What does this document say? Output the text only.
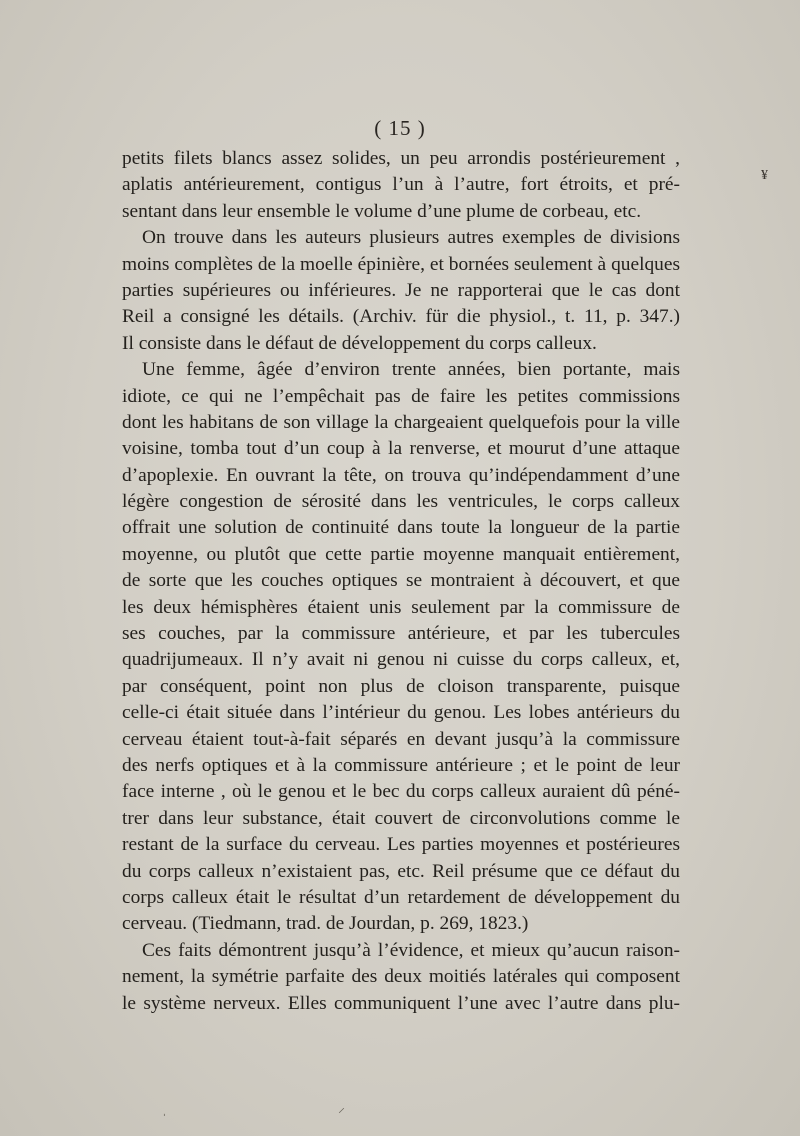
( 15 )
¥
petits filets blancs assez solides, un peu arrondis postérieurement ,
aplatis antérieurement, contigus l’un à l’autre, fort étroits, et pré-
sentant dans leur ensemble le volume d’une plume de corbeau, etc.
On trouve dans les auteurs plusieurs autres exemples de divisions
moins complètes de la moelle épinière, et bornées seulement à quelques
parties supérieures ou inférieures. Je ne rapporterai que le cas dont
Reil a consigné les détails. (Archiv. für die physiol., t. 11, p. 347.)
Il consiste dans le défaut de développement du corps calleux.
Une femme, âgée d’environ trente années, bien portante, mais
idiote, ce qui ne l’empêchait pas de faire les petites commissions
dont les habitans de son village la chargeaient quelquefois pour la ville
voisine, tomba tout d’un coup à la renverse, et mourut d’une attaque
d’apoplexie. En ouvrant la tête, on trouva qu’indépendamment d’une
légère congestion de sérosité dans les ventricules, le corps calleux
offrait une solution de continuité dans toute la longueur de la partie
moyenne, ou plutôt que cette partie moyenne manquait entièrement,
de sorte que les couches optiques se montraient à découvert, et que
les deux hémisphères étaient unis seulement par la commissure de
ses couches, par la commissure antérieure, et par les tubercules
quadrijumeaux. Il n’y avait ni genou ni cuisse du corps calleux, et,
par conséquent, point non plus de cloison transparente, puisque
celle-ci était située dans l’intérieur du genou. Les lobes antérieurs du
cerveau étaient tout-à-fait séparés en devant jusqu’à la commissure
des nerfs optiques et à la commissure antérieure ; et le point de leur
face interne , où le genou et le bec du corps calleux auraient dû péné-
trer dans leur substance, était couvert de circonvolutions comme le
restant de la surface du cerveau. Les parties moyennes et postérieures
du corps calleux n’existaient pas, etc. Reil présume que ce défaut du
corps calleux était le résultat d’un retardement de développement du
cerveau. (Tiedmann, trad. de Jourdan, p. 269, 1823.)
Ces faits démontrent jusqu’à l’évidence, et mieux qu’aucun raison-
nement, la symétrie parfaite des deux moitiés latérales qui composent
le système nerveux. Elles communiquent l’une avec l’autre dans plu-
⸝
ˌ
